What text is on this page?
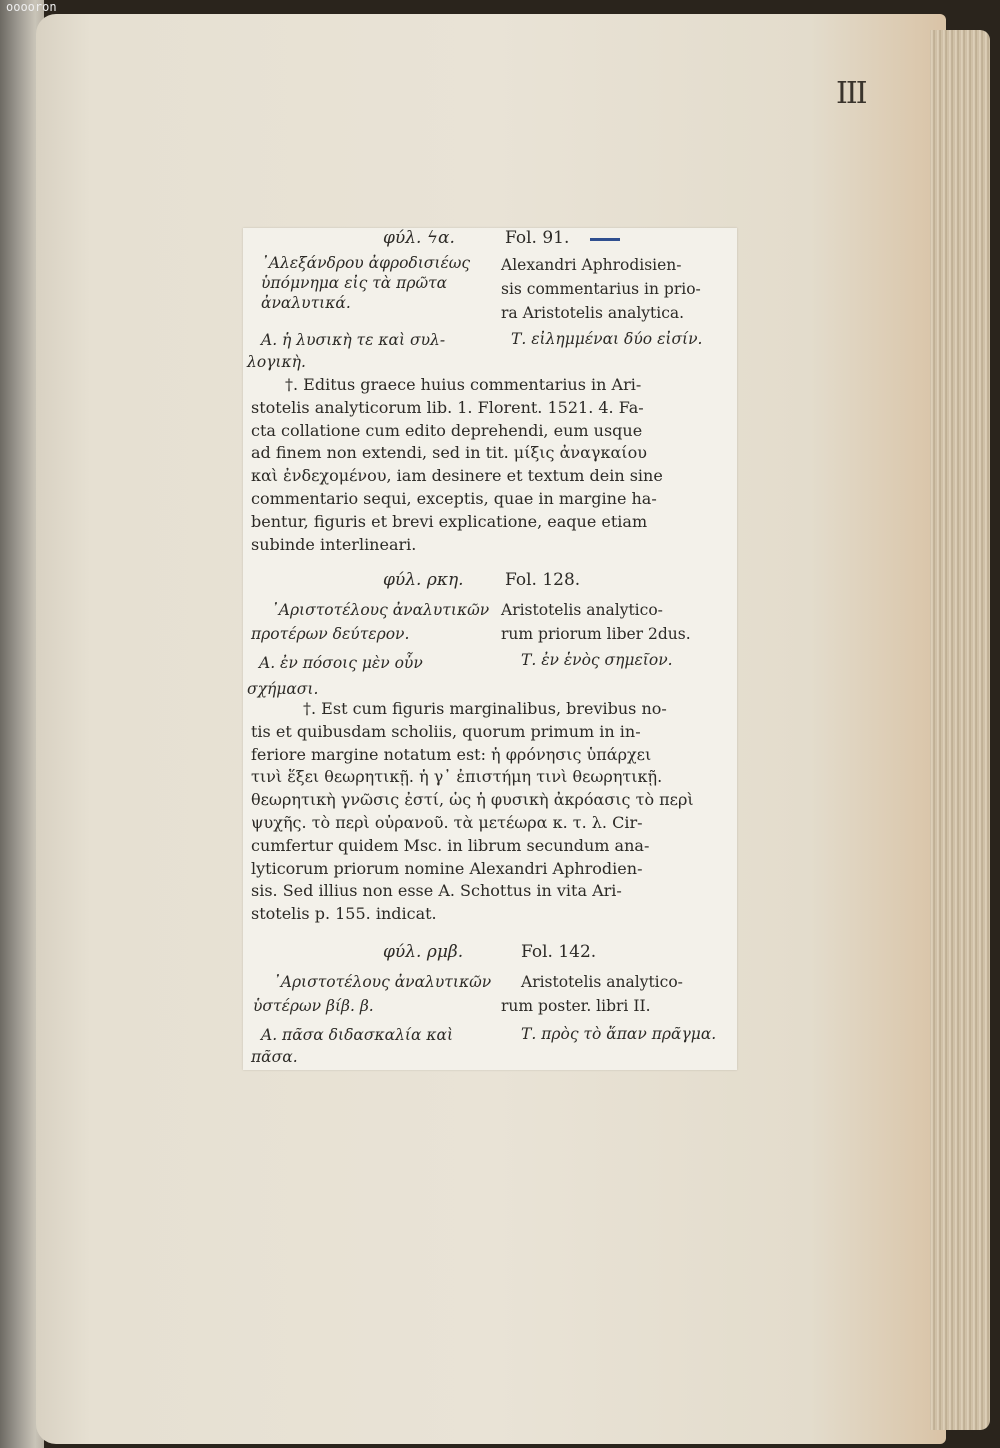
ooooron
III
φύλ. ϟα.	Fol. 91.
᾿Αλεξάνδρου ἀφροδισιέως
ὑπόμνημα εἰς τὰ πρῶτα
ἀναλυτικά.
Alexandri Aphrodisien-
sis commentarius in prio-
ra Aristotelis analytica.
Α. ἡ λυσικὴ τε καὶ συλ-
λογικὴ.
Τ. εἰλημμέναι δύο εἰσίν.
†. Editus graece huius commentarius in Ari-
stotelis analyticorum lib. 1. Florent. 1521. 4. Fa-
cta collatione cum edito deprehendi, eum usque
ad finem non extendi, sed in tit. μίξις ἀναγκαίου
καὶ ἐνδεχομένου, iam desinere et textum dein sine
commentario sequi, exceptis, quae in margine ha-
bentur, figuris et brevi explicatione, eaque etiam
subinde interlineari.
φύλ. ρκη. Fol. 128.
᾿Αριστοτέλους ἀναλυτικῶν
προτέρων δεύτερον.
Aristotelis analytico-
rum priorum liber 2dus.
Α. ἐν πόσοις μὲν οὖν
σχήμασι.
Τ. ἐν ἑνὸς σημεῖον.
†. Est cum figuris marginalibus, brevibus no-
tis et quibusdam scholiis, quorum primum in in-
feriore margine notatum est: ἡ φρόνησις ὑπάρχει
τινὶ ἕξει θεωρητικῇ. ἡ γ᾽ ἐπιστήμη τινὶ θεωρητικῇ.
θεωρητικὴ γνῶσις ἐστί, ὡς ἡ φυσικὴ ἀκρόασις τὸ περὶ
ψυχῆς. τὸ περὶ οὐρανοῦ. τὰ μετέωρα κ. τ. λ. Cir-
cumfertur quidem Msc. in librum secundum ana-
lyticorum priorum nomine Alexandri Aphrodien-
sis. Sed illius non esse A. Schottus in vita Ari-
stotelis p. 155. indicat.
φύλ. ρμβ.	Fol. 142.
᾿Αριστοτέλους ἀναλυτικῶν
ὑστέρων βίβ. β.
Aristotelis analytico-
rum poster. libri II.
Α. πᾶσα διδασκαλία καὶ
πᾶσα.
Τ. πρὸς τὸ ἅπαν πρᾶγμα.
